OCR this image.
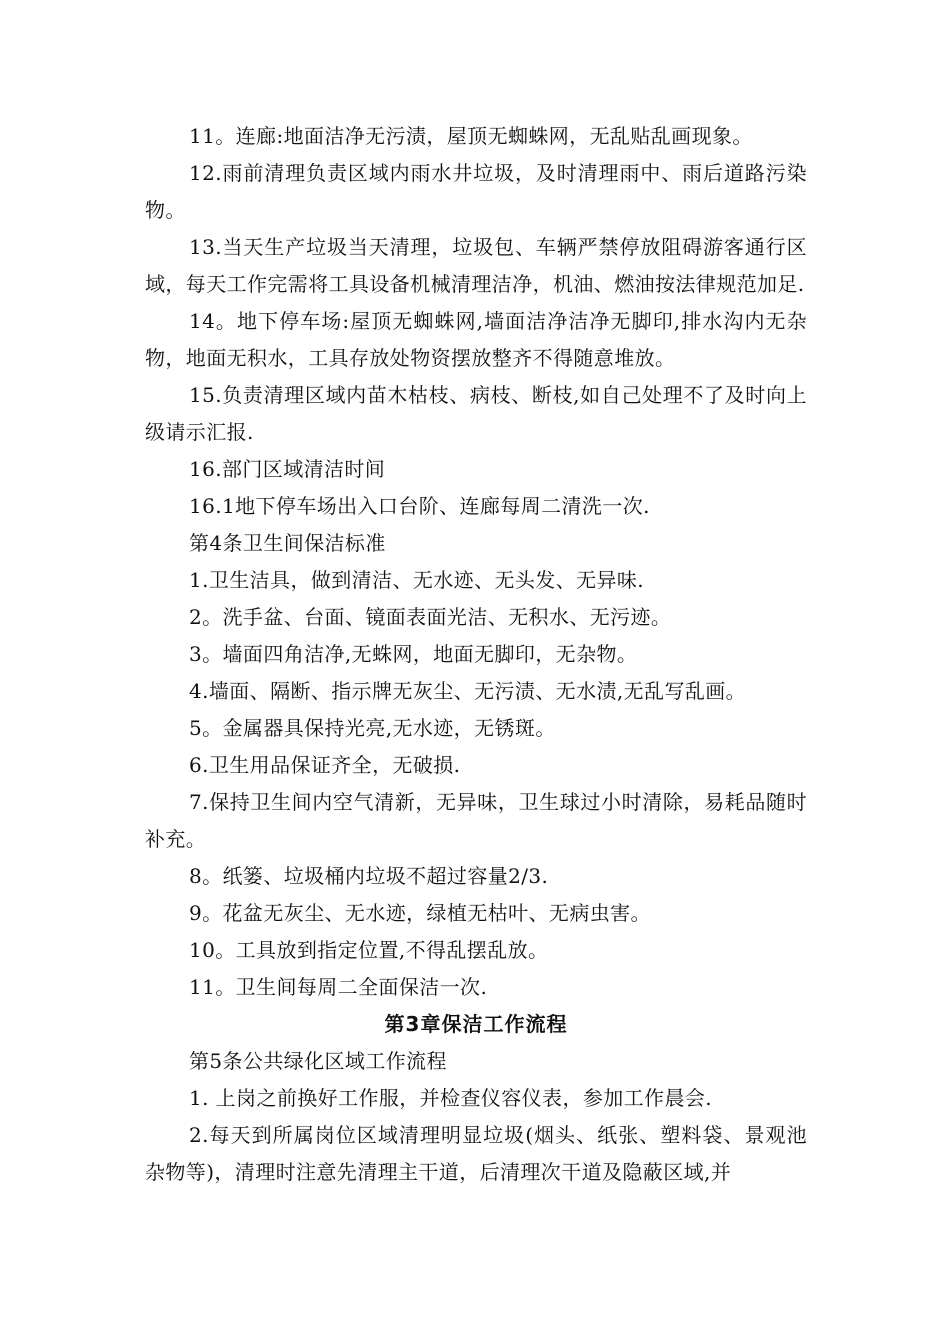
11。连廊:地面洁净无污渍，屋顶无蜘蛛网，无乱贴乱画现象。

12.雨前清理负责区域内雨水井垃圾，及时清理雨中、雨后道路污染物。

13.当天生产垃圾当天清理，垃圾包、车辆严禁停放阻碍游客通行区域，每天工作完需将工具设备机械清理洁净，机油、燃油按法律规范加足.

14。地下停车场:屋顶无蜘蛛网,墙面洁净洁净无脚印,排水沟内无杂物，地面无积水，工具存放处物资摆放整齐不得随意堆放。

15.负责清理区域内苗木枯枝、病枝、断枝,如自己处理不了及时向上级请示汇报.

16.部门区域清洁时间

16.1地下停车场出入口台阶、连廊每周二清洗一次.

第4条卫生间保洁标准

1.卫生洁具，做到清洁、无水迹、无头发、无异味.

2。洗手盆、台面、镜面表面光洁、无积水、无污迹。

3。墙面四角洁净,无蛛网，地面无脚印，无杂物。

4.墙面、隔断、指示牌无灰尘、无污渍、无水渍,无乱写乱画。

5。金属器具保持光亮,无水迹，无锈斑。

6.卫生用品保证齐全，无破损.

7.保持卫生间内空气清新，无异味，卫生球过小时清除，易耗品随时补充。

8。纸篓、垃圾桶内垃圾不超过容量2/3.

9。花盆无灰尘、无水迹，绿植无枯叶、无病虫害。

10。工具放到指定位置,不得乱摆乱放。

11。卫生间每周二全面保洁一次.

第3章保洁工作流程

第5条公共绿化区域工作流程

1. 上岗之前换好工作服，并检查仪容仪表，参加工作晨会.

2.每天到所属岗位区域清理明显垃圾(烟头、纸张、塑料袋、景观池杂物等)，清理时注意先清理主干道，后清理次干道及隐蔽区域,并
